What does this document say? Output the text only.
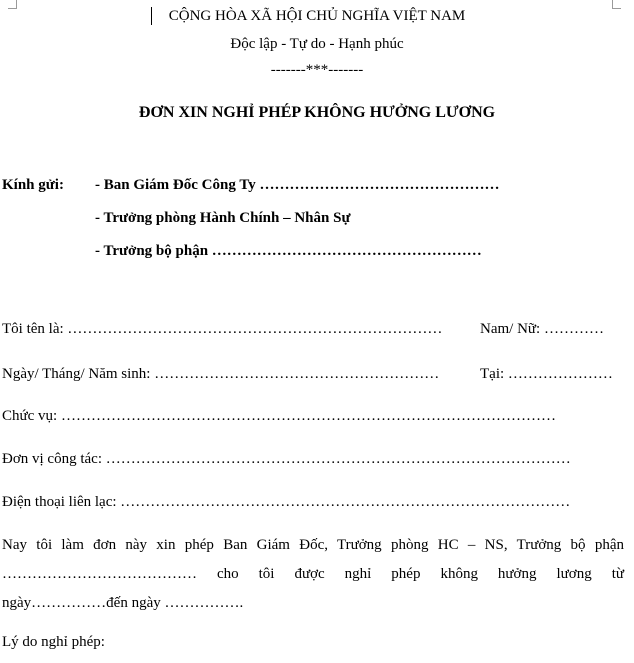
CỘNG HÒA XÃ HỘI CHỦ NGHĨA VIỆT NAM
Độc lập - Tự do - Hạnh phúc
-------***-------
ĐƠN XIN NGHỈ PHÉP KHÔNG HƯỞNG LƯƠNG
Kính gửi: - Ban Giám Đốc Công Ty …………………………………………
- Trưởng phòng Hành Chính – Nhân Sự
- Trưởng bộ phận ………………………………………………
Tôi tên là: …………………………………………………………………	Nam/ Nữ: …………
Ngày/ Tháng/ Năm sinh: …………………………………………………	Tại: …………………
Chức vụ: ………………………………………………………………………………………
Đơn vị công tác: …………………………………………………………………………………
Điện thoại liên lạc: ………………………………………………………………………………
Nay tôi làm đơn này xin phép Ban Giám Đốc, Trưởng phòng HC – NS, Trưởng bộ phận
………………………………… cho tôi được nghỉ phép không hưởng lương từ
ngày……………đến ngày …………….
Lý do nghỉ phép:
